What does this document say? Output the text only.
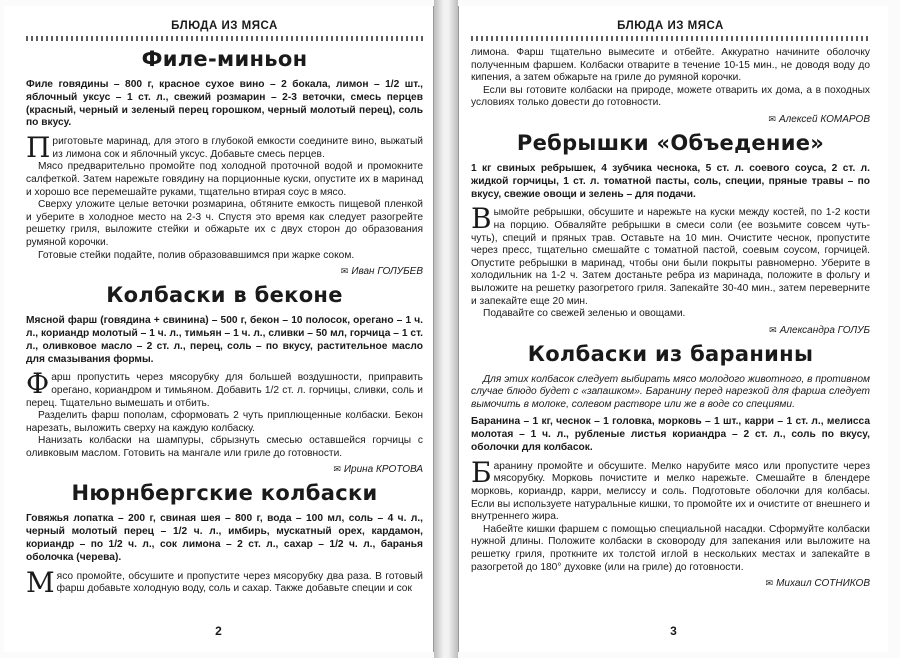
БЛЮДА ИЗ МЯСА
Филе-миньон

Филе говядины – 800 г, красное сухое вино – 2 бокала, лимон – 1/2 шт., яблочный уксус – 1 ст. л., свежий розмарин – 2-3 веточки, смесь перцев (красный, черный и зеленый перец горошком, черный молотый перец), соль по вкусу.

Приготовьте маринад, для этого в глубокой емкости соедините вино, выжатый из лимона сок и яблочный уксус. Добавьте смесь перцев.

Мясо предварительно промойте под холодной проточной водой и промокните салфеткой. Затем нарежьте говядину на порционные куски, опустите их в маринад и хорошо все перемешайте руками, тщательно втирая соус в мясо.

Сверху уложите целые веточки розмарина, обтяните емкость пищевой пленкой и уберите в холодное место на 2-3 ч. Спустя это время как следует разогрейте решетку гриля, выложите стейки и обжарьте их с двух сторон до образования румяной корочки.

Готовые стейки подайте, полив образовавшимся при жарке соком.

✉ Иван ГОЛУБЕВ
Колбаски в беконе

Мясной фарш (говядина + свинина) – 500 г, бекон – 10 полосок, орегано – 1 ч. л., кориандр молотый – 1 ч. л., тимьян – 1 ч. л., сливки – 50 мл, горчица – 1 ст. л., оливковое масло – 2 ст. л., перец, соль – по вкусу, растительное масло для смазывания формы.

Фарш пропустить через мясорубку для большей воздушности, приправить орегано, кориандром и тимьяном. Добавить 1/2 ст. л. горчицы, сливки, соль и перец. Тщательно вымешать и отбить.

Разделить фарш пополам, сформовать 2 чуть приплющенные колбаски. Бекон нарезать, выложить сверху на каждую колбаску.

Нанизать колбаски на шампуры, сбрызнуть смесью оставшейся горчицы с оливковым маслом. Готовить на мангале или гриле до готовности.

✉ Ирина КРОТОВА
Нюрнбергские колбаски

Говяжья лопатка – 200 г, свиная шея – 800 г, вода – 100 мл, соль – 4 ч. л., черный молотый перец – 1/2 ч. л., имбирь, мускатный орех, кардамон, кориандр – по 1/2 ч. л., сок лимона – 2 ст. л., сахар – 1/2 ч. л., баранья оболочка (черева).

Мясо промойте, обсушите и пропустите через мясорубку два раза. В готовый фарш добавьте холодную воду, соль и сахар. Также добавьте специи и сок

2
БЛЮДА ИЗ МЯСА

лимона. Фарш тщательно вымесите и отбейте. Аккуратно начините оболочку полученным фаршем. Колбаски отварите в течение 10-15 мин., не доводя воду до кипения, а затем обжарьте на гриле до румяной корочки.

Если вы готовите колбаски на природе, можете отварить их дома, а в походных условиях только довести до готовности.

✉ Алексей КОМАРОВ
Ребрышки «Объедение»

1 кг свиных ребрышек, 4 зубчика чеснока, 5 ст. л. соевого соуса, 2 ст. л. жидкой горчицы, 1 ст. л. томатной пасты, соль, специи, пряные травы – по вкусу, свежие овощи и зелень – для подачи.

Вымойте ребрышки, обсушите и нарежьте на куски между костей, по 1-2 кости на порцию. Обваляйте ребрышки в смеси соли (ее возьмите совсем чуть-чуть), специй и пряных трав. Оставьте на 10 мин. Очистите чеснок, пропустите через пресс, тщательно смешайте с томатной пастой, соевым соусом, горчицей. Опустите ребрышки в маринад, чтобы они были покрыты равномерно. Уберите в холодильник на 1-2 ч. Затем достаньте ребра из маринада, положите в фольгу и выложите на решетку разогретого гриля. Запекайте 30-40 мин., затем переверните и запекайте еще 20 мин.

Подавайте со свежей зеленью и овощами.

✉ Александра ГОЛУБ
Колбаски из баранины

Для этих колбасок следует выбирать мясо молодого животного, в противном случае блюдо будет с «запашком». Баранину перед нарезкой для фарша следует вымочить в молоке, солевом растворе или же в воде со специями.

Баранина – 1 кг, чеснок – 1 головка, морковь – 1 шт., карри – 1 ст. л., мелисса молотая – 1 ч. л., рубленые листья кориандра – 2 ст. л., соль по вкусу, оболочки для колбасок.

Баранину промойте и обсушите. Мелко нарубите мясо или пропустите через мясорубку. Морковь почистите и мелко нарежьте. Смешайте в блендере морковь, кориандр, карри, мелиссу и соль. Подготовьте оболочки для колбасы. Если вы используете натуральные кишки, то промойте их и очистите от внешнего и внутреннего жира.

Набейте кишки фаршем с помощью специальной насадки. Сформуйте колбаски нужной длины. Положите колбаски в сковороду для запекания или выложите на решетку гриля, проткните их толстой иглой в нескольких местах и запекайте в разогретой до 180° духовке (или на гриле) до готовности.

✉ Михаил СОТНИКОВ
3
